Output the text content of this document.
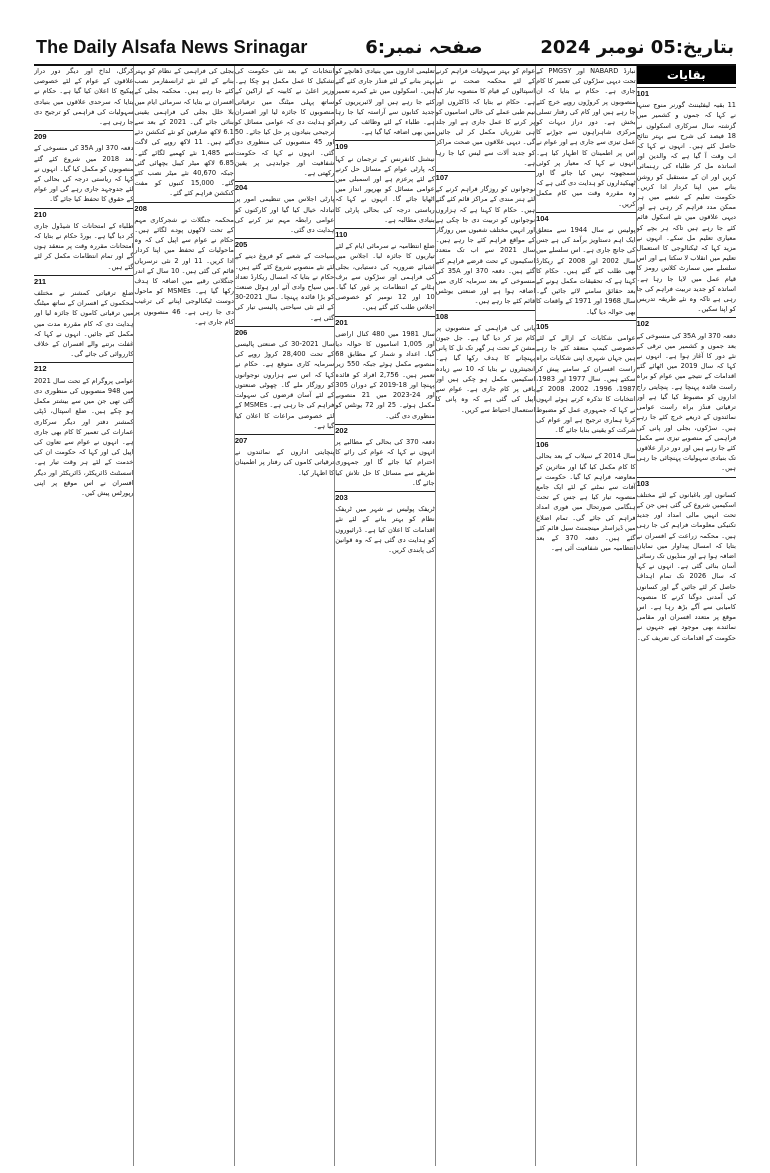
The Daily Alsafa News Srinagar	صفحہ نمبر:6	بتاریخ:05 نومبر 2024
بقایات
101

11 بقیہ لیفٹیننٹ گورنر منوج سنہا نے کہا کہ جموں و کشمیر میں گزشتہ سال سرکاری اسکولوں نے 18 فیصد کی شرح سے بہتر نتائج حاصل کئے ہیں۔ انہوں نے کہا کہ اب وقت آ گیا ہے کہ والدین اور اساتذہ مل کر طلباء کی رہنمائی کریں اور ان کے مستقبل کو روشن بنانے میں اپنا کردار ادا کریں۔ حکومت تعلیم کے شعبے میں ہر ممکن مدد فراہم کر رہی ہے اور دیہی علاقوں میں نئے اسکول قائم کئے جا رہے ہیں تاکہ ہر بچے کو معیاری تعلیم مل سکے۔ انہوں نے مزید کہا کہ ٹیکنالوجی کا استعمال تعلیم میں انقلاب لا سکتا ہے اور اس سلسلے میں سمارٹ کلاس رومز کا قیام عمل میں لایا جا رہا ہے۔ اساتذہ کو جدید تربیت فراہم کی جا رہی ہے تاکہ وہ نئے طریقہ تدریس کو اپنا سکیں۔

102

دفعہ 370 اور 35A کی منسوخی کے بعد جموں و کشمیر میں ترقی کے نئے دور کا آغاز ہوا ہے۔ انہوں نے کہا کہ سال 2019 میں اٹھائے گئے اقدامات کے نتیجے میں عوام کو براہ راست فائدہ پہنچا ہے۔ پنچایتی راج اداروں کو مضبوط کیا گیا ہے اور ترقیاتی فنڈز براہ راست عوامی نمائندوں کے ذریعے خرچ کئے جا رہے ہیں۔ سڑکوں، بجلی اور پانی کی فراہمی کے منصوبے تیزی سے مکمل کئے جا رہے ہیں اور دور دراز علاقوں تک بنیادی سہولیات پہنچائی جا رہی ہیں۔

103

کسانوں اور باغبانوں کے لئے مختلف اسکیمیں شروع کی گئی ہیں جن کے تحت انہیں مالی امداد اور جدید تکنیکی معلومات فراہم کی جا رہی ہیں۔ محکمہ زراعت کے افسران نے بتایا کہ امسال پیداوار میں نمایاں اضافہ ہوا ہے اور منڈیوں تک رسائی آسان بنائی گئی ہے۔ انہوں نے کہا کہ سال 2026 تک تمام اہداف حاصل کر لئے جائیں گے اور کسانوں کی آمدنی دوگنا کرنے کا منصوبہ کامیابی سے آگے بڑھ رہا ہے۔ اس موقع پر متعدد افسران اور مقامی نمائندے بھی موجود تھے جنہوں نے حکومت کے اقدامات کی تعریف کی۔

نبارڈ NABARD اور PMGSY کے تحت دیہی سڑکوں کی تعمیر کا کام جاری ہے۔ حکام نے بتایا کہ ان منصوبوں پر کروڑوں روپے خرچ کئے جا رہے ہیں اور کام کی رفتار تسلی بخش ہے۔ دور دراز دیہات کو مرکزی شاہراہوں سے جوڑنے کا عمل تیزی سے جاری ہے اور عوام نے اس پر اطمینان کا اظہار کیا ہے۔ انہوں نے کہا کہ معیار پر کوئی سمجھوتہ نہیں کیا جائے گا اور ٹھیکیداروں کو ہدایت دی گئی ہے کہ وہ مقررہ وقت میں کام مکمل کریں۔

104

پولیس نے سال 1944 سے متعلق ایک اہم دستاویز برآمد کی ہے جس کی جانچ جاری ہے۔ اس سلسلے میں سال 2002 اور 2008 کے ریکارڈ بھی طلب کئے گئے ہیں۔ حکام کا کہنا ہے کہ تحقیقات مکمل ہونے کے بعد حقائق سامنے لائے جائیں گے۔ سال 1968 اور 1971 کے واقعات کا بھی حوالہ دیا گیا۔

105

عوامی شکایات کے ازالے کے لئے خصوصی کیمپ منعقد کئے جا رہے ہیں جہاں شہری اپنی شکایات براہ راست افسران کے سامنے پیش کر سکتے ہیں۔ سال 1977 اور 1983، 1987، 1996، 2002، 2008 کے انتخابات کا تذکرہ کرتے ہوئے انہوں نے کہا کہ جمہوری عمل کو مضبوط کرنا ہماری ترجیح ہے اور عوام کی شرکت کو یقینی بنایا جائے گا۔

106

سال 2014 کے سیلاب کے بعد بحالی کا کام مکمل کیا گیا اور متاثرین کو معاوضہ فراہم کیا گیا۔ حکومت نے آفات سے نمٹنے کے لئے ایک جامع منصوبہ تیار کیا ہے جس کے تحت ہنگامی صورتحال میں فوری امداد فراہم کی جائے گی۔ تمام اضلاع میں ڈیزاسٹر مینجمنٹ سیل قائم کئے گئے ہیں۔ دفعہ 370 کے بعد انتظامیہ میں شفافیت آئی ہے۔

عوام کو بہتر سہولیات فراہم کرنے کے لئے محکمہ صحت نے نئے اسپتالوں کے قیام کا منصوبہ تیار کیا ہے۔ حکام نے بتایا کہ ڈاکٹروں اور نیم طبی عملے کی خالی اسامیوں کو پر کرنے کا عمل جاری ہے اور جلد ہی تقرریاں مکمل کر لی جائیں گی۔ دیہی علاقوں میں صحت مراکز کو جدید آلات سے لیس کیا جا رہا ہے۔

107

نوجوانوں کو روزگار فراہم کرنے کے لئے ہنر مندی کے مراکز قائم کئے گئے ہیں۔ حکام کا کہنا ہے کہ ہزاروں نوجوانوں کو تربیت دی جا چکی ہے اور انہیں مختلف شعبوں میں روزگار کے مواقع فراہم کئے جا رہے ہیں۔ سال 2021 سے اب تک متعدد اسکیموں کے تحت قرضے فراہم کئے گئے ہیں۔ دفعہ 370 اور 35A کی منسوخی کے بعد سرمایہ کاری میں اضافہ ہوا ہے اور صنعتی یونٹس قائم کئے جا رہے ہیں۔

108

پانی کی فراہمی کے منصوبوں پر کام تیز کر دیا گیا ہے۔ جل جیون مشن کے تحت ہر گھر تک نل کا پانی پہنچانے کا ہدف رکھا گیا ہے۔ انجینئروں نے بتایا کہ 10 سے زیادہ اسکیمیں مکمل ہو چکی ہیں اور باقی پر کام جاری ہے۔ عوام سے اپیل کی گئی ہے کہ وہ پانی کا استعمال احتیاط سے کریں۔

تعلیمی اداروں میں بنیادی ڈھانچے کو بہتر بنانے کے لئے فنڈز جاری کئے گئے ہیں۔ اسکولوں میں نئے کمرے تعمیر کئے جا رہے ہیں اور لائبریریوں کو جدید کتابوں سے آراستہ کیا جا رہا ہے۔ طلباء کے لئے وظائف کی رقم میں بھی اضافہ کیا گیا ہے۔

109

نیشنل کانفرنس کے ترجمان نے کہا کہ پارٹی عوام کے مسائل حل کرنے کے لئے پرعزم ہے اور اسمبلی میں عوامی مسائل کو بھرپور انداز میں اٹھایا جائے گا۔ انہوں نے کہا کہ ریاستی درجہ کی بحالی پارٹی کا بنیادی مطالبہ ہے۔

110

ضلع انتظامیہ نے سرمائی ایام کے لئے تیاریوں کا جائزہ لیا۔ اجلاس میں اشیائے ضروریہ کی دستیابی، بجلی کی فراہمی اور سڑکوں سے برف ہٹانے کے انتظامات پر غور کیا گیا۔ 10 اور 12 نومبر کو خصوصی اجلاس طلب کئے گئے ہیں۔

201

سال 1981 میں 480 کنال اراضی اور 1,005 اسامیوں کا حوالہ دیا گیا۔ اعداد و شمار کے مطابق 68 منصوبے مکمل ہوئے جبکہ 550 زیر تعمیر ہیں۔ 2,756 افراد کو فائدہ پہنچا اور 18-2019 کے دوران 305 اور 24-2023 میں 21 منصوبے مکمل ہوئے۔ 25 اور 72 یونٹس کو منظوری دی گئی۔

202

دفعہ 370 کی بحالی کے مطالبے پر انہوں نے کہا کہ عوام کی رائے کا احترام کیا جائے گا اور جمہوری طریقے سے مسائل کا حل تلاش کیا جائے گا۔

203

ٹریفک پولیس نے شہر میں ٹریفک نظام کو بہتر بنانے کے لئے نئے اقدامات کا اعلان کیا ہے۔ ڈرائیوروں کو ہدایت دی گئی ہے کہ وہ قوانین کی پابندی کریں۔

انتخابات کے بعد نئی حکومت کی تشکیل کا عمل مکمل ہو چکا ہے۔ وزیر اعلیٰ نے کابینہ کے اراکین کے ساتھ پہلی میٹنگ میں ترقیاتی منصوبوں کا جائزہ لیا اور افسران کو ہدایت دی کہ عوامی مسائل کو ترجیحی بنیادوں پر حل کیا جائے۔ 50 اور 45 منصوبوں کی منظوری دی گئی۔ انہوں نے کہا کہ حکومت شفافیت اور جوابدہی پر یقین رکھتی ہے۔

204

پارٹی اجلاس میں تنظیمی امور پر تبادلہ خیال کیا گیا اور کارکنوں کو عوامی رابطہ مہم تیز کرنے کی ہدایت دی گئی۔

205

سیاحت کے شعبے کو فروغ دینے کے لئے نئے منصوبے شروع کئے گئے ہیں۔ حکام نے بتایا کہ امسال ریکارڈ تعداد میں سیاح وادی آئے اور ہوٹل صنعت کو بڑا فائدہ پہنچا۔ سال 2021-30 کے لئے نئی سیاحتی پالیسی تیار کی گئی ہے۔

206

سال 2021-30 کی صنعتی پالیسی کے تحت 28,400 کروڑ روپے کی سرمایہ کاری متوقع ہے۔ حکام نے کہا کہ اس سے ہزاروں نوجوانوں کو روزگار ملے گا۔ چھوٹی صنعتوں کے لئے آسان قرضوں کی سہولت فراہم کی جا رہی ہے۔ MSMEs کے لئے خصوصی مراعات کا اعلان کیا گیا ہے۔

207

پنچایتی اداروں کے نمائندوں نے ترقیاتی کاموں کی رفتار پر اطمینان کا اظہار کیا۔

بجلی کی فراہمی کے نظام کو بہتر بنانے کے لئے نئے ٹرانسفارمر نصب کئے جا رہے ہیں۔ محکمہ بجلی کے افسران نے بتایا کہ سرمائی ایام میں بلا خلل بجلی کی فراہمی یقینی بنائی جائے گی۔ 2021 کے بعد سے 6.1 لاکھ صارفین کو نئے کنکشن دئے گئے ہیں۔ 11 لاکھ روپے کی لاگت سے 1,485 نئے کھمبے لگائے گئے۔ 6.85 لاکھ میٹر کیبل بچھائی گئی جبکہ 40,670 نئے میٹر نصب کئے گئے۔ 15,000 کنبوں کو مفت کنکشن فراہم کئے گئے۔

208

محکمہ جنگلات نے شجرکاری مہم کے تحت لاکھوں پودے لگائے ہیں۔ حکام نے عوام سے اپیل کی کہ وہ ماحولیات کے تحفظ میں اپنا کردار ادا کریں۔ 11 اور 2 نئی نرسریاں قائم کی گئی ہیں۔ 10 سال کے اندر جنگلاتی رقبے میں اضافہ کا ہدف رکھا گیا ہے۔ MSMEs کو ماحول دوست ٹیکنالوجی اپنانے کی ترغیب دی جا رہی ہے۔ 46 منصوبوں پر کام جاری ہے۔

کرگل، لداخ اور دیگر دور دراز علاقوں کے عوام کے لئے خصوصی پیکیج کا اعلان کیا گیا ہے۔ حکام نے بتایا کہ سرحدی علاقوں میں بنیادی سہولیات کی فراہمی کو ترجیح دی جا رہی ہے۔

209

دفعہ 370 اور 35A کی منسوخی کے بعد 2018 میں شروع کئے گئے منصوبوں کو مکمل کیا گیا۔ انہوں نے کہا کہ ریاستی درجہ کی بحالی کے لئے جدوجہد جاری رہے گی اور عوام کے حقوق کا تحفظ کیا جائے گا۔

210

طلباء کے امتحانات کا شیڈول جاری کر دیا گیا ہے۔ بورڈ حکام نے بتایا کہ امتحانات مقررہ وقت پر منعقد ہوں گے اور تمام انتظامات مکمل کر لئے گئے ہیں۔

211

ضلع ترقیاتی کمشنر نے مختلف محکموں کے افسران کے ساتھ میٹنگ میں ترقیاتی کاموں کا جائزہ لیا اور ہدایت دی کہ کام مقررہ مدت میں مکمل کئے جائیں۔ انہوں نے کہا کہ غفلت برتنے والے افسران کے خلاف کارروائی کی جائے گی۔

212

عوامی پروگرام کے تحت سال 2021 میں 948 منصوبوں کی منظوری دی گئی تھی جن میں سے بیشتر مکمل ہو چکے ہیں۔ ضلع اسپتال، ڈپٹی کمشنر دفتر اور دیگر سرکاری عمارات کی تعمیر کا کام بھی جاری ہے۔ انہوں نے عوام سے تعاون کی اپیل کی اور کہا کہ حکومت ان کی خدمت کے لئے ہر وقت تیار ہے۔ اسسٹنٹ ڈائریکٹر، ڈائریکٹر اور دیگر افسران نے اس موقع پر اپنی رپورٹس پیش کیں۔
